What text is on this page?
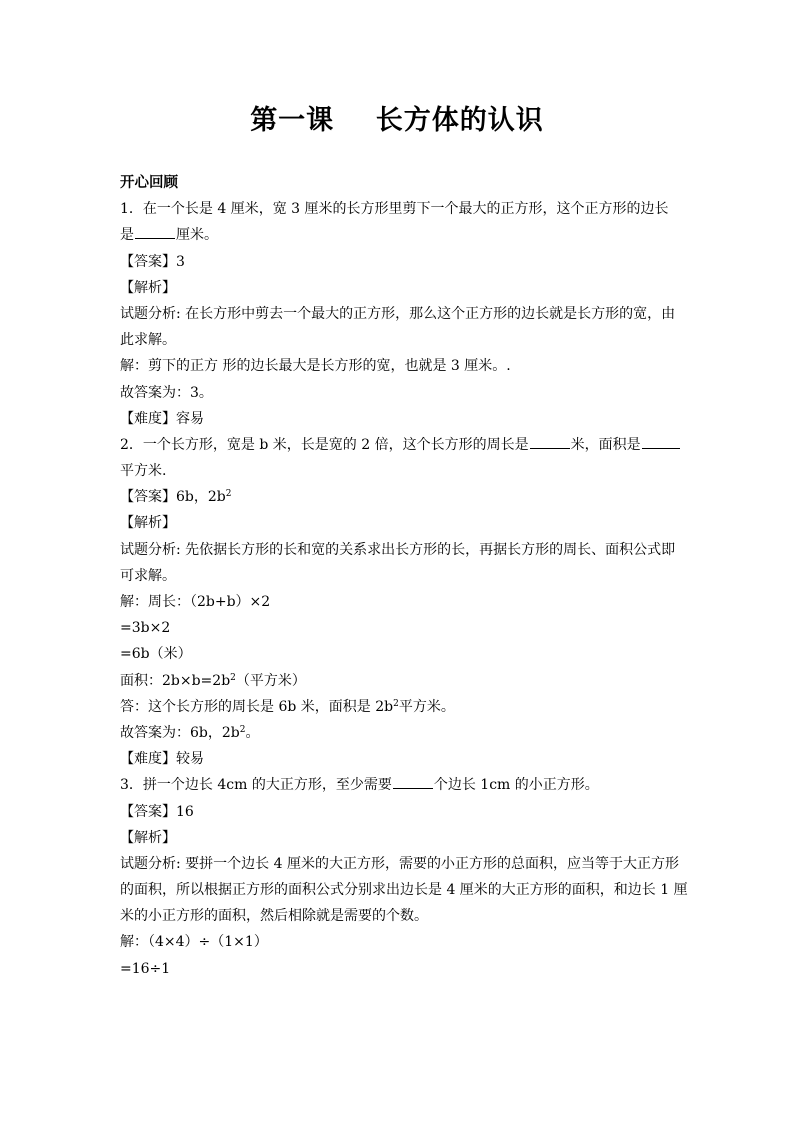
第一课    长方体的认识
开心回顾
1．在一个长是 4 厘米，宽 3 厘米的长方形里剪下一个最大的正方形，这个正方形的边长
是	厘米。
【答案】3
【解析】
试题分析: 在长方形中剪去一个最大的正方形，那么这个正方形的边长就是长方形的宽，由
此求解。
解：剪下的正方 形的边长最大是长方形的宽，也就是 3 厘米。.
故答案为：3。
【难度】容易
2．一个长方形，宽是 b 米，长是宽的 2 倍，这个长方形的周长是	米，面积是
平方米.
【答案】6b，$2b^2$
【解析】
试题分析: 先依据长方形的长和宽的关系求出长方形的长，再据长方形的周长、面积公式即
可求解。
解：周长：（2b+b）×2
=3b×2
=6b（米）
面积：$2b\times b=2b^2$（平方米）
答：这个长方形的周长是 6b 米，面积是 $2b^2$平方米。
故答案为：6b，$2b^2$。
【难度】较易
3．拼一个边长 4cm 的大正方形，至少需要	个边长 1cm 的小正方形。
【答案】16
【解析】
试题分析: 要拼一个边长 4 厘米的大正方形，需要的小正方形的总面积，应当等于大正方形
的面积，所以根据正方形的面积公式分别求出边长是 4 厘米的大正方形的面积，和边长 1 厘
米的小正方形的面积，然后相除就是需要的个数。
解：（4×4）÷（1×1）
=16÷1
